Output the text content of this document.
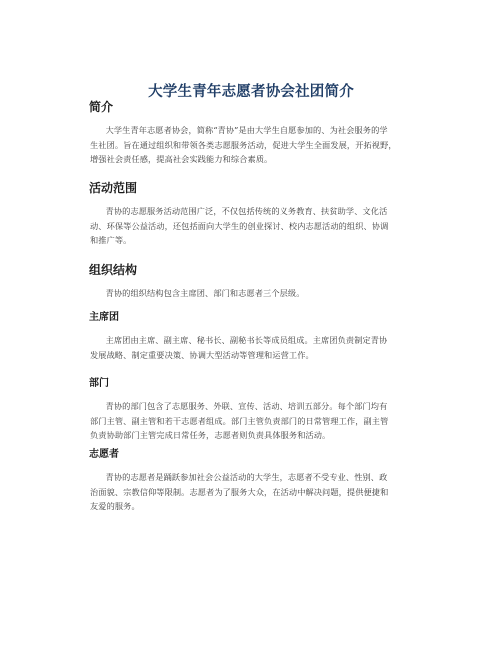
大学生青年志愿者协会社团简介
简介

大学生青年志愿者协会，简称“青协”是由大学生自愿参加的、为社会服务的学
生社团。旨在通过组织和带领各类志愿服务活动，促进大学生全面发展，开拓视野，
增强社会责任感，提高社会实践能力和综合素质。

活动范围

青协的志愿服务活动范围广泛，不仅包括传统的义务教育、扶贫助学、文化活
动、环保等公益活动，还包括面向大学生的创业探讨、校内志愿活动的组织、协调
和推广等。

组织结构

青协的组织结构包含主席团、部门和志愿者三个层级。

主席团

主席团由主席、副主席、秘书长、副秘书长等成员组成。主席团负责制定青协
发展战略、制定重要决策、协调大型活动等管理和运营工作。

部门

青协的部门包含了志愿服务、外联、宣传、活动、培训五部分。每个部门均有
部门主管、副主管和若干志愿者组成。部门主管负责部门的日常管理工作，副主管
负责协助部门主管完成日常任务，志愿者则负责具体服务和活动。

志愿者

青协的志愿者是踊跃参加社会公益活动的大学生，志愿者不受专业、性别、政
治面貌、宗教信仰等限制。志愿者为了服务大众，在活动中解决问题，提供便捷和
友爱的服务。
